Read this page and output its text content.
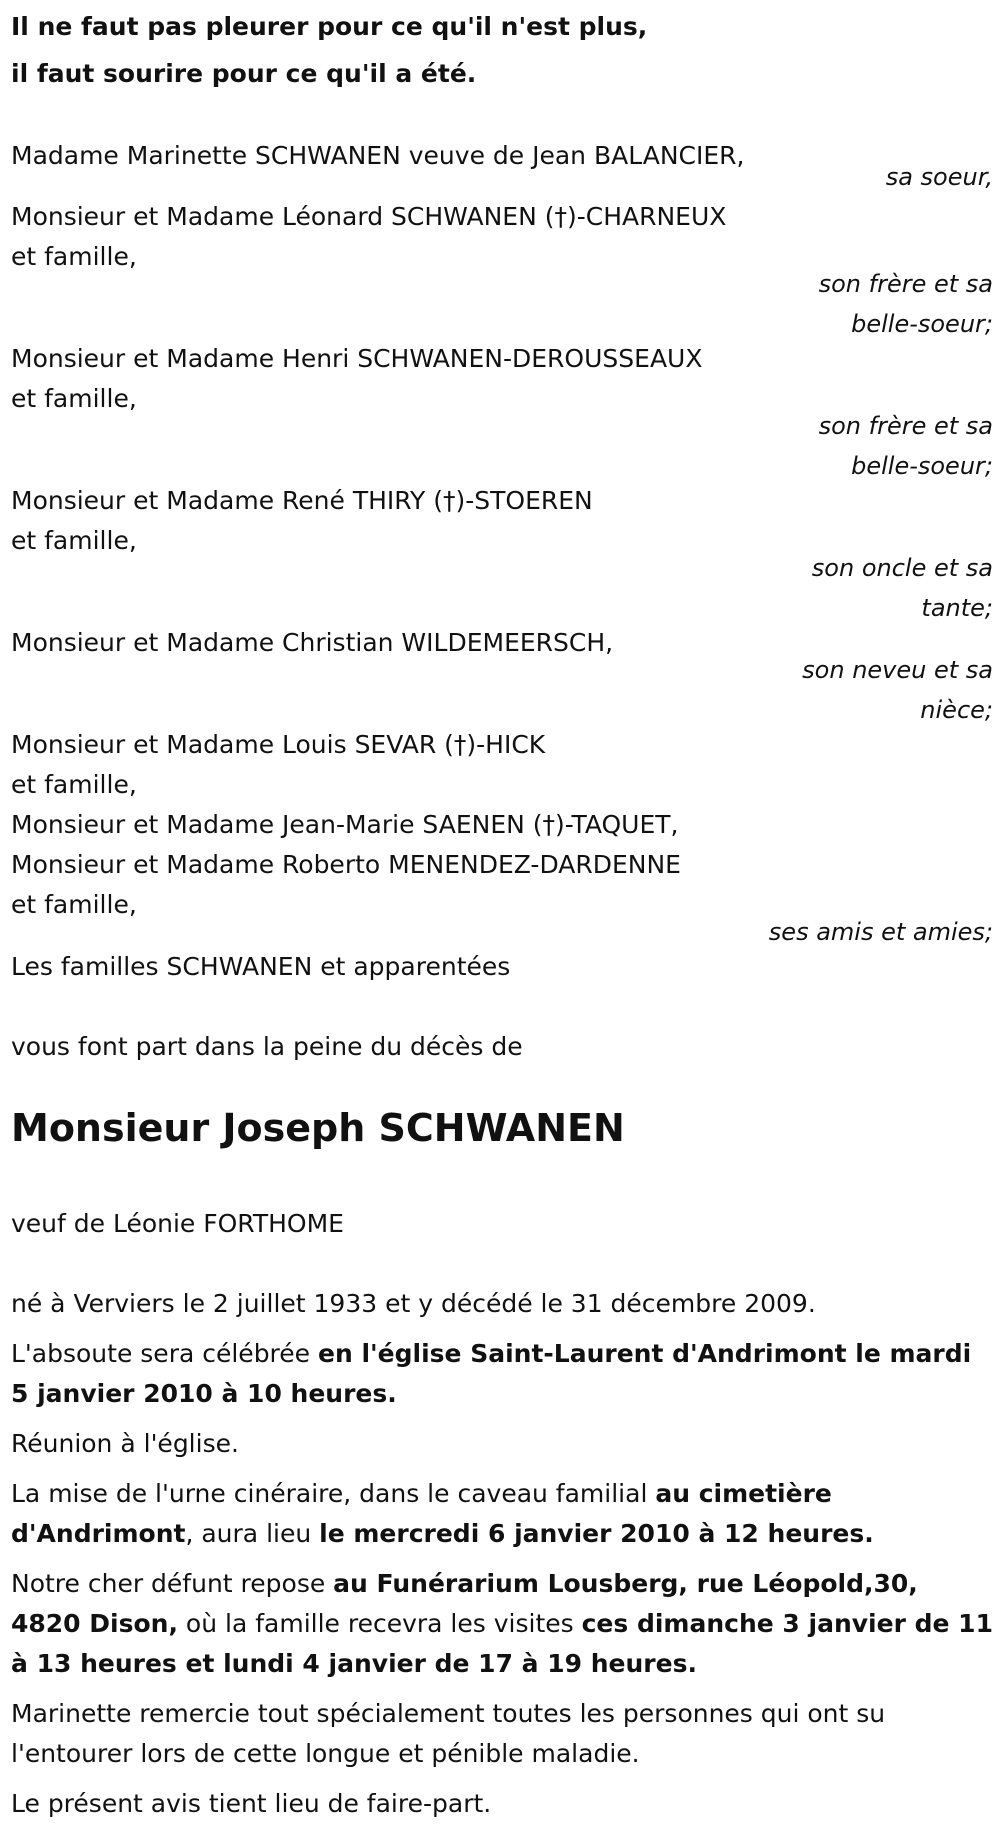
Il ne faut pas pleurer pour ce qu'il n'est plus,
il faut sourire pour ce qu'il a été.
Madame Marinette SCHWANEN veuve de Jean BALANCIER,
sa soeur,
Monsieur et Madame Léonard SCHWANEN (†)-CHARNEUX
et famille,
son frère et sa
belle-soeur;
Monsieur et Madame Henri SCHWANEN-DEROUSSEAUX
et famille,
son frère et sa
belle-soeur;
Monsieur et Madame René THIRY (†)-STOEREN
et famille,
son oncle et sa
tante;
Monsieur et Madame Christian WILDEMEERSCH,
son neveu et sa
nièce;
Monsieur et Madame Louis SEVAR (†)-HICK
et famille,
Monsieur et Madame Jean-Marie SAENEN (†)-TAQUET,
Monsieur et Madame Roberto MENENDEZ-DARDENNE
et famille,
ses amis et amies;
Les familles SCHWANEN et apparentées
vous font part dans la peine du décès de
Monsieur Joseph SCHWANEN
veuf de Léonie FORTHOME
né à Verviers le 2 juillet 1933 et y décédé le 31 décembre 2009.
L'absoute sera célébrée en l'église Saint-Laurent d'Andrimont le mardi
5 janvier 2010 à 10 heures.
Réunion à l'église.
La mise de l'urne cinéraire, dans le caveau familial au cimetière
d'Andrimont, aura lieu le mercredi 6 janvier 2010 à 12 heures.
Notre cher défunt repose au Funérarium Lousberg, rue Léopold,30,
4820 Dison, où la famille recevra les visites ces dimanche 3 janvier de 11
à 13 heures et lundi 4 janvier de 17 à 19 heures.
Marinette remercie tout spécialement toutes les personnes qui ont su
l'entourer lors de cette longue et pénible maladie.
Le présent avis tient lieu de faire-part.
